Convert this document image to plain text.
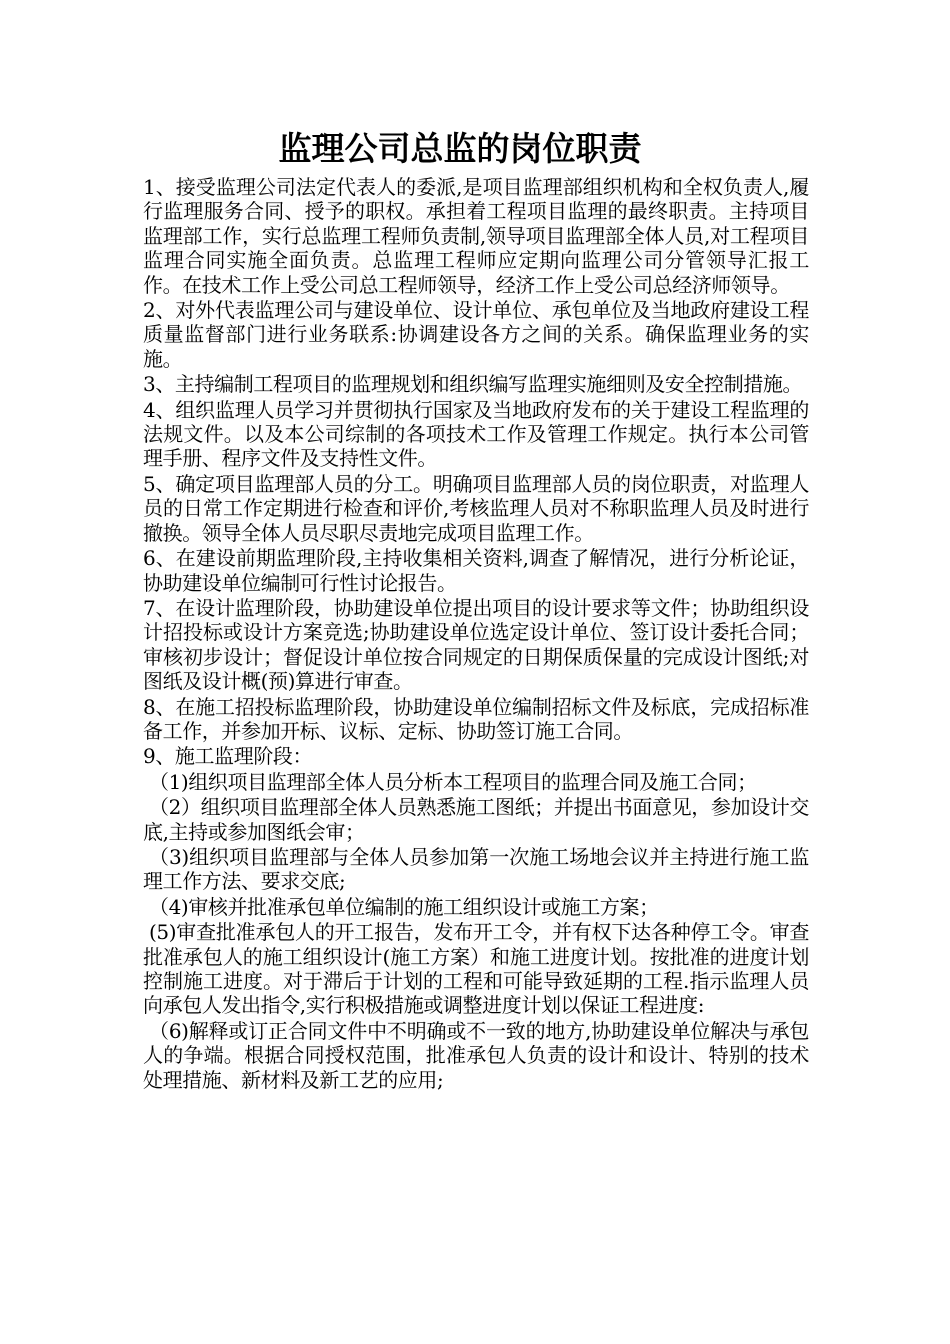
监理公司总监的岗位职责

1、接受监理公司法定代表人的委派,是项目监理部组织机构和全权负责人,履行监理服务合同、授予的职权。承担着工程项目监理的最终职责。主持项目监理部工作，实行总监理工程师负责制,领导项目监理部全体人员,对工程项目监理合同实施全面负责。总监理工程师应定期向监理公司分管领导汇报工作。在技术工作上受公司总工程师领导，经济工作上受公司总经济师领导。

2、对外代表监理公司与建设单位、设计单位、承包单位及当地政府建设工程质量监督部门进行业务联系:协调建设各方之间的关系。确保监理业务的实施。

3、主持编制工程项目的监理规划和组织编写监理实施细则及安全控制措施。

4、组织监理人员学习并贯彻执行国家及当地政府发布的关于建设工程监理的法规文件。以及本公司综制的各项技术工作及管理工作规定。执行本公司管理手册、程序文件及支持性文件。

5、确定项目监理部人员的分工。明确项目监理部人员的岗位职责，对监理人员的日常工作定期进行检查和评价,考核监理人员对不称职监理人员及时进行撤换。领导全体人员尽职尽责地完成项目监理工作。

6、在建设前期监理阶段,主持收集相关资料,调查了解情况，进行分析论证，协助建设单位编制可行性讨论报告。

7、在设计监理阶段，协助建设单位提出项目的设计要求等文件；协助组织设计招投标或设计方案竞选;协助建设单位选定设计单位、签订设计委托合同；审核初步设计；督促设计单位按合同规定的日期保质保量的完成设计图纸;对图纸及设计概(预)算进行审查。

8、在施工招投标监理阶段，协助建设单位编制招标文件及标底，完成招标准备工作，并参加开标、议标、定标、协助签订施工合同。

9、施工监理阶段：

（1)组织项目监理部全体人员分析本工程项目的监理合同及施工合同；

（2）组织项目监理部全体人员熟悉施工图纸；并提出书面意见，参加设计交底,主持或参加图纸会审；

（3)组织项目监理部与全体人员参加第一次施工场地会议并主持进行施工监理工作方法、要求交底;

（4)审核并批准承包单位编制的施工组织设计或施工方案；

(5)审查批准承包人的开工报告，发布开工令，并有权下达各种停工令。审查批准承包人的施工组织设计(施工方案）和施工进度计划。按批准的进度计划控制施工进度。对于滞后于计划的工程和可能导致延期的工程.指示监理人员向承包人发出指令,实行积极措施或调整进度计划以保证工程进度:

（6)解释或订正合同文件中不明确或不一致的地方,协助建设单位解决与承包人的争端。根据合同授权范围，批准承包人负责的设计和设计、特别的技术处理措施、新材料及新工艺的应用;
